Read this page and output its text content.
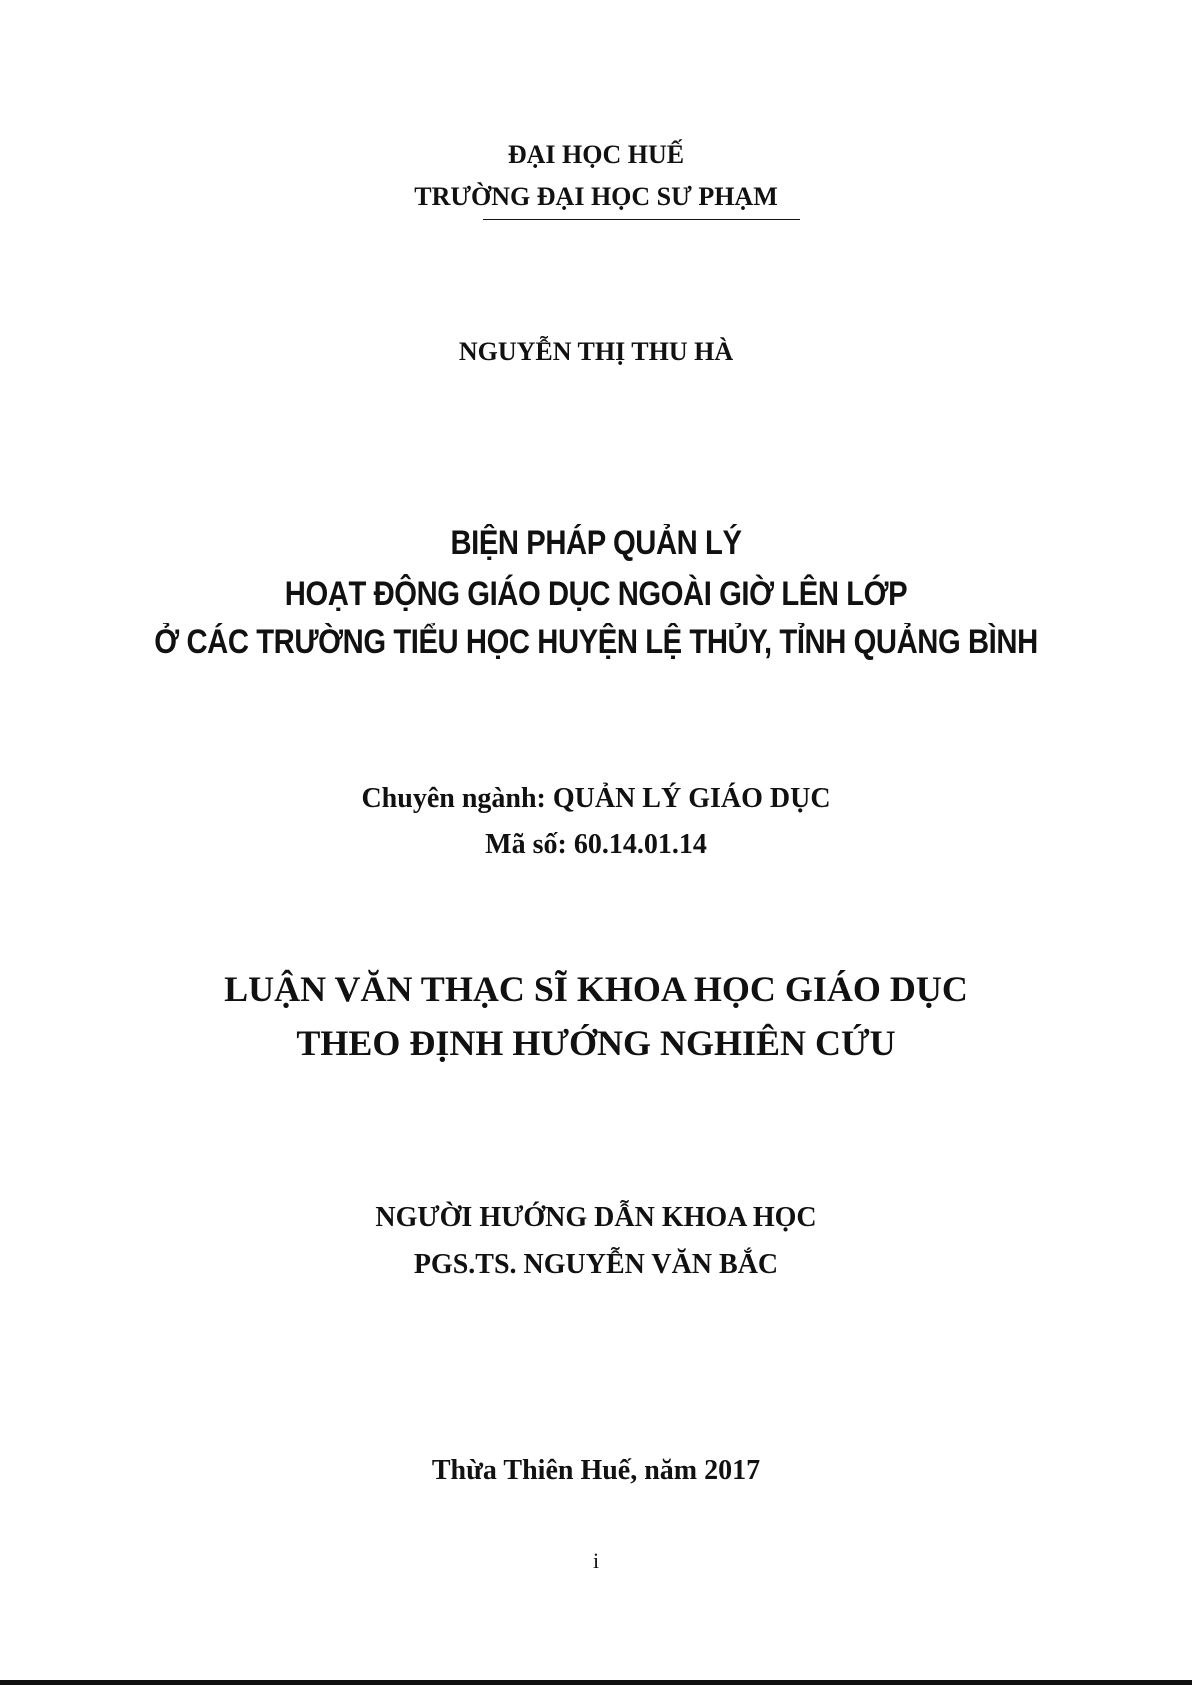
ĐẠI HỌC HUẾ
TRƯỜNG ĐẠI HỌC SƯ PHẠM
NGUYỄN THỊ THU HÀ
BIỆN PHÁP QUẢN LÝ
HOẠT ĐỘNG GIÁO DỤC NGOÀI GIỜ LÊN LỚP
Ở CÁC TRƯỜNG TIỂU HỌC HUYỆN LỆ THỦY, TỈNH QUẢNG BÌNH
Chuyên ngành: QUẢN LÝ GIÁO DỤC
Mã số: 60.14.01.14
LUẬN VĂN THẠC SĨ KHOA HỌC GIÁO DỤC
THEO ĐỊNH HƯỚNG NGHIÊN CỨU
NGƯỜI HƯỚNG DẪN KHOA HỌC
PGS.TS. NGUYỄN VĂN BẮC
Thừa Thiên Huế, năm 2017
i
